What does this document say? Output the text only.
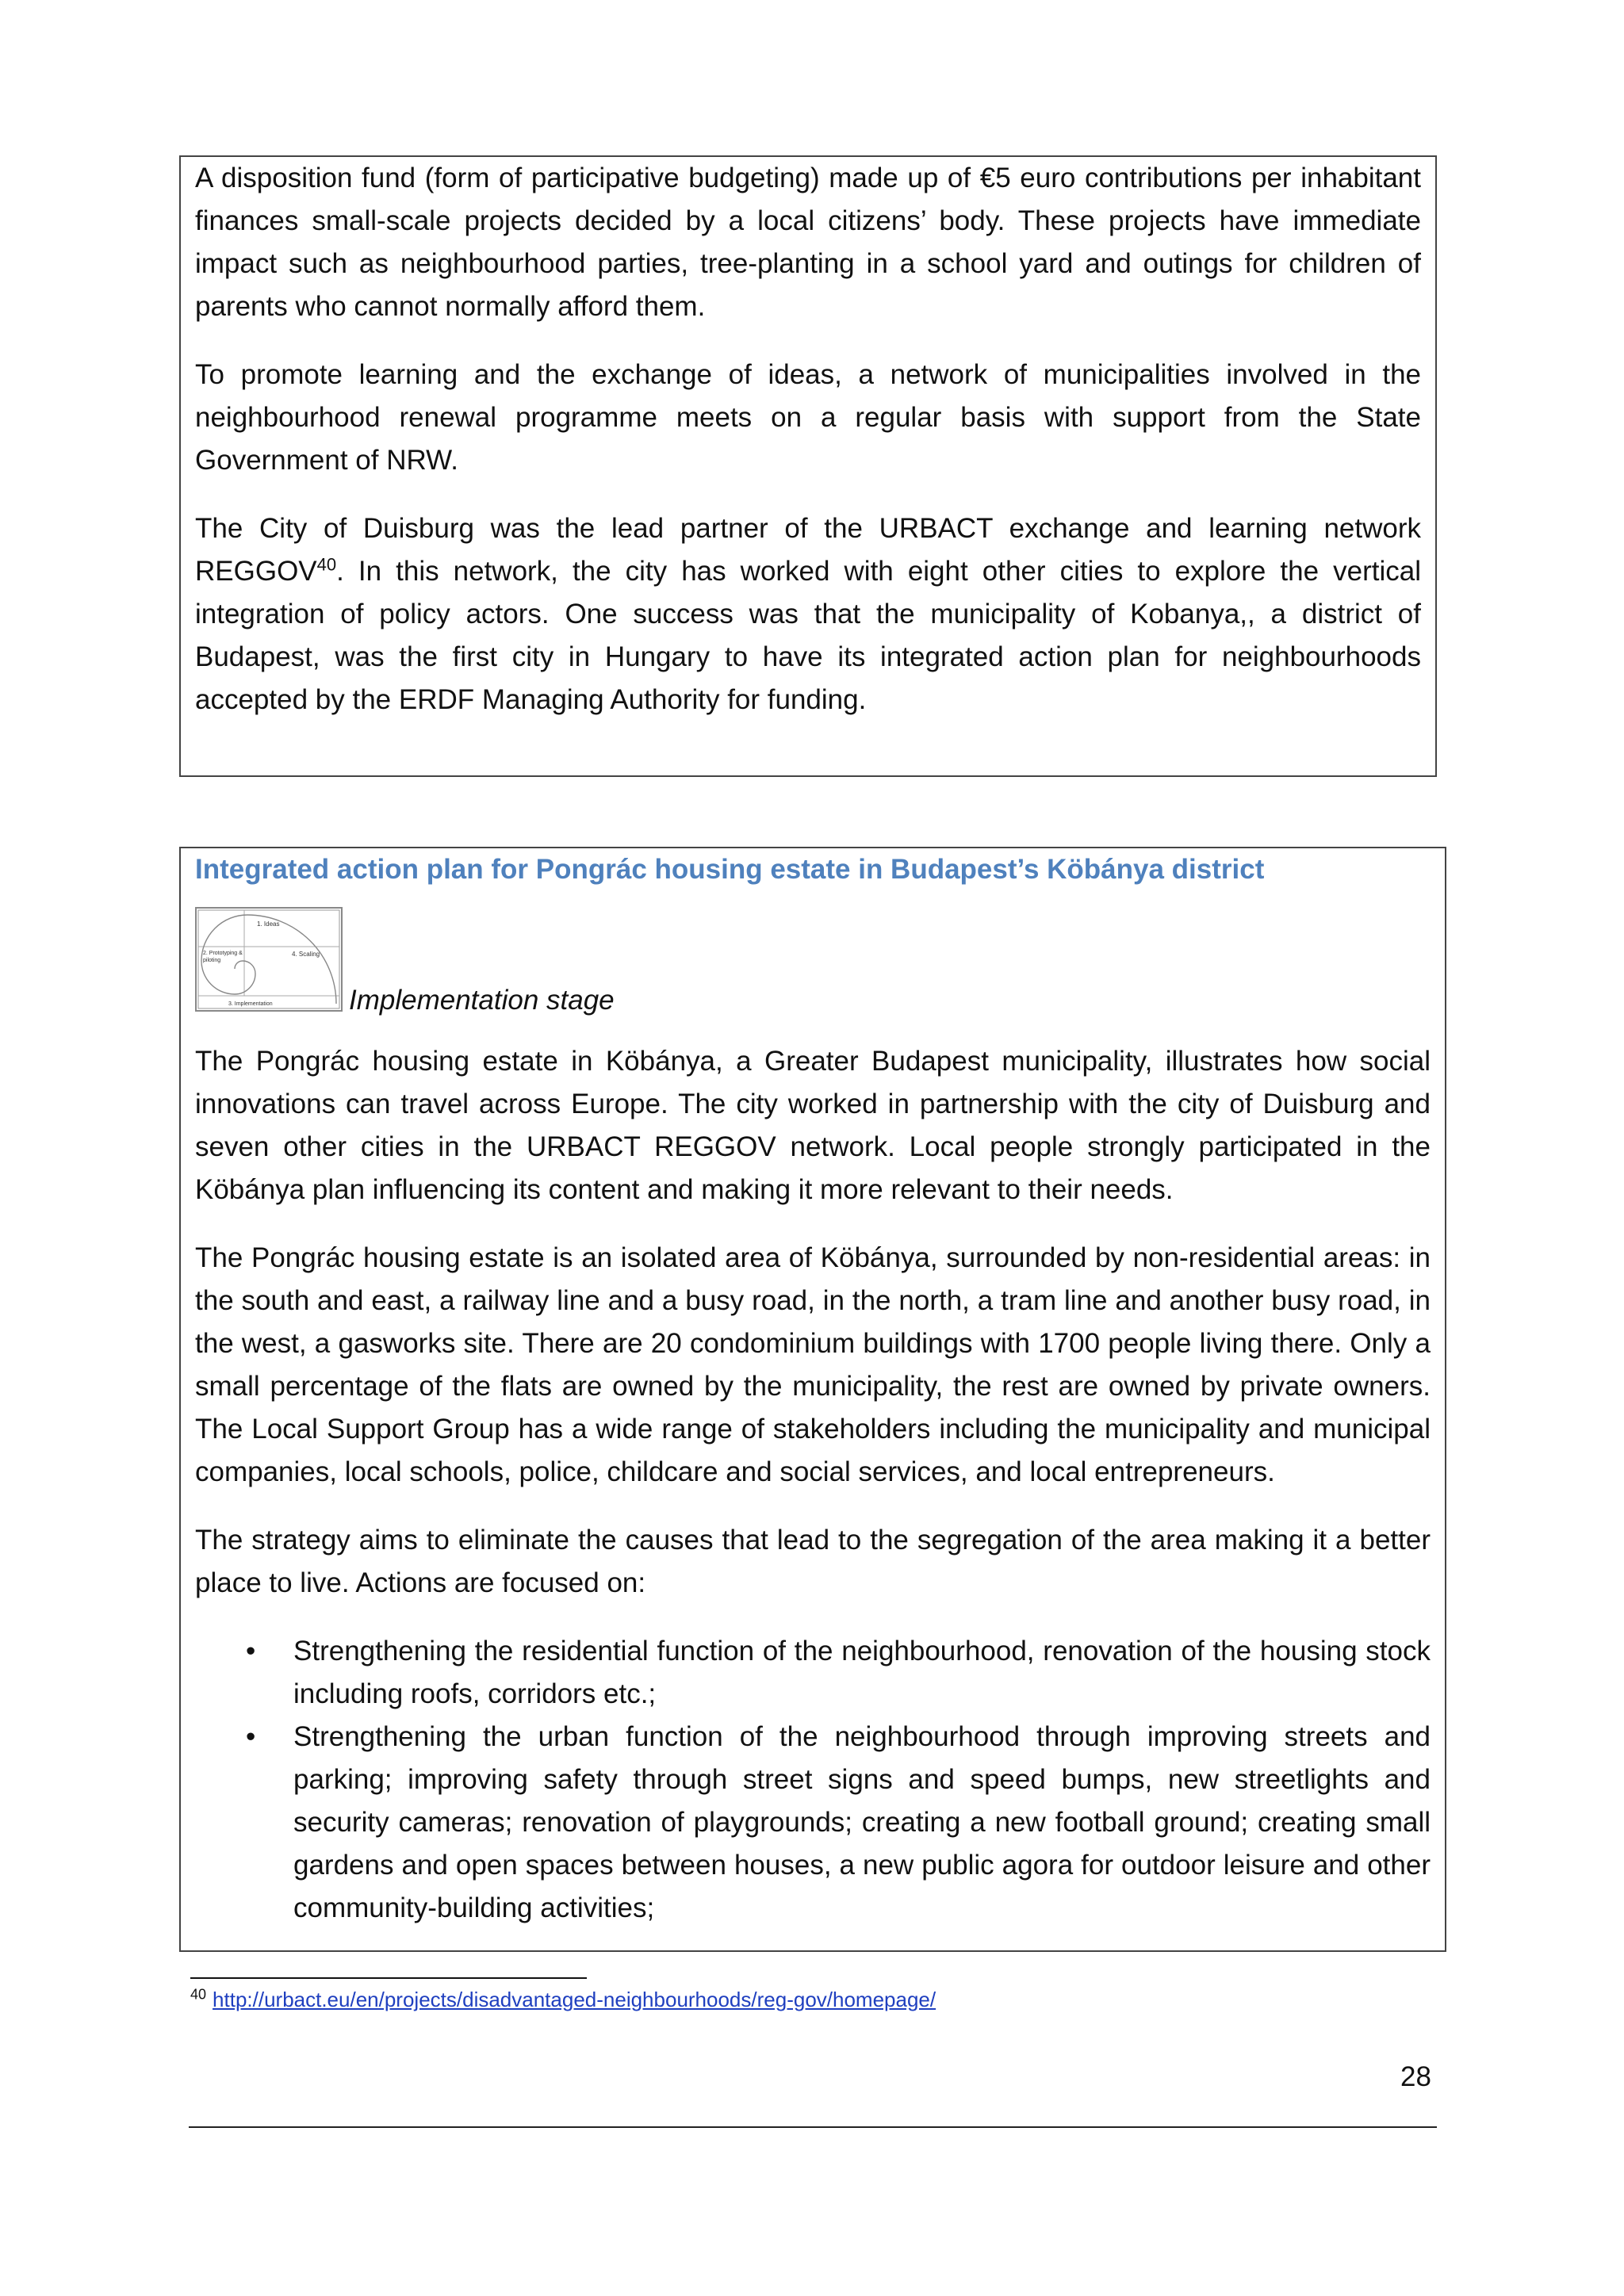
A disposition fund (form of participative budgeting) made up of €5 euro contributions per inhabitant finances small-scale projects decided by a local citizens’ body. These projects have immediate impact such as neighbourhood parties, tree-planting in a school yard and outings for children of parents who cannot normally afford them.

To promote learning and the exchange of ideas, a network of municipalities involved in the neighbourhood renewal programme meets on a regular basis with support from the State Government of NRW.

The City of Duisburg was the lead partner of the URBACT exchange and learning network REGGOV$^{40}$. In this network, the city has worked with eight other cities to explore the vertical integration of policy actors. One success was that the municipality of Kobanya,, a district of Budapest, was the first city in Hungary to have its integrated action plan for neighbourhoods accepted by the ERDF Managing Authority for funding.

Integrated action plan for Pongrác housing estate in Budapest’s Köbánya district

1. Ideas
2. Prototyping &
piloting
4. Scaling
3. Implementation	Implementation stage

The Pongrác housing estate in Köbánya, a Greater Budapest municipality, illustrates how social innovations can travel across Europe. The city worked in partnership with the city of Duisburg and seven other cities in the URBACT REGGOV network. Local people strongly participated in the Köbánya plan influencing its content and making it more relevant to their needs.

The Pongrác housing estate is an isolated area of Köbánya, surrounded by non-residential areas: in the south and east, a railway line and a busy road, in the north, a tram line and another busy road, in the west, a gasworks site. There are 20 condominium buildings with 1700 people living there. Only a small percentage of the flats are owned by the municipality, the rest are owned by private owners. The Local Support Group has a wide range of stakeholders including the municipality and municipal companies, local schools, police, childcare and social services, and local entrepreneurs.

The strategy aims to eliminate the causes that lead to the segregation of the area making it a better place to live. Actions are focused on:

• Strengthening the residential function of the neighbourhood, renovation of the housing stock including roofs, corridors etc.;
• Strengthening the urban function of the neighbourhood through improving streets and parking; improving safety through street signs and speed bumps, new streetlights and security cameras; renovation of playgrounds; creating a new football ground; creating small gardens and open spaces between houses, a new public agora for outdoor leisure and other community-building activities;
$^{40}$ http://urbact.eu/en/projects/disadvantaged-neighbourhoods/reg-gov/homepage/
28
